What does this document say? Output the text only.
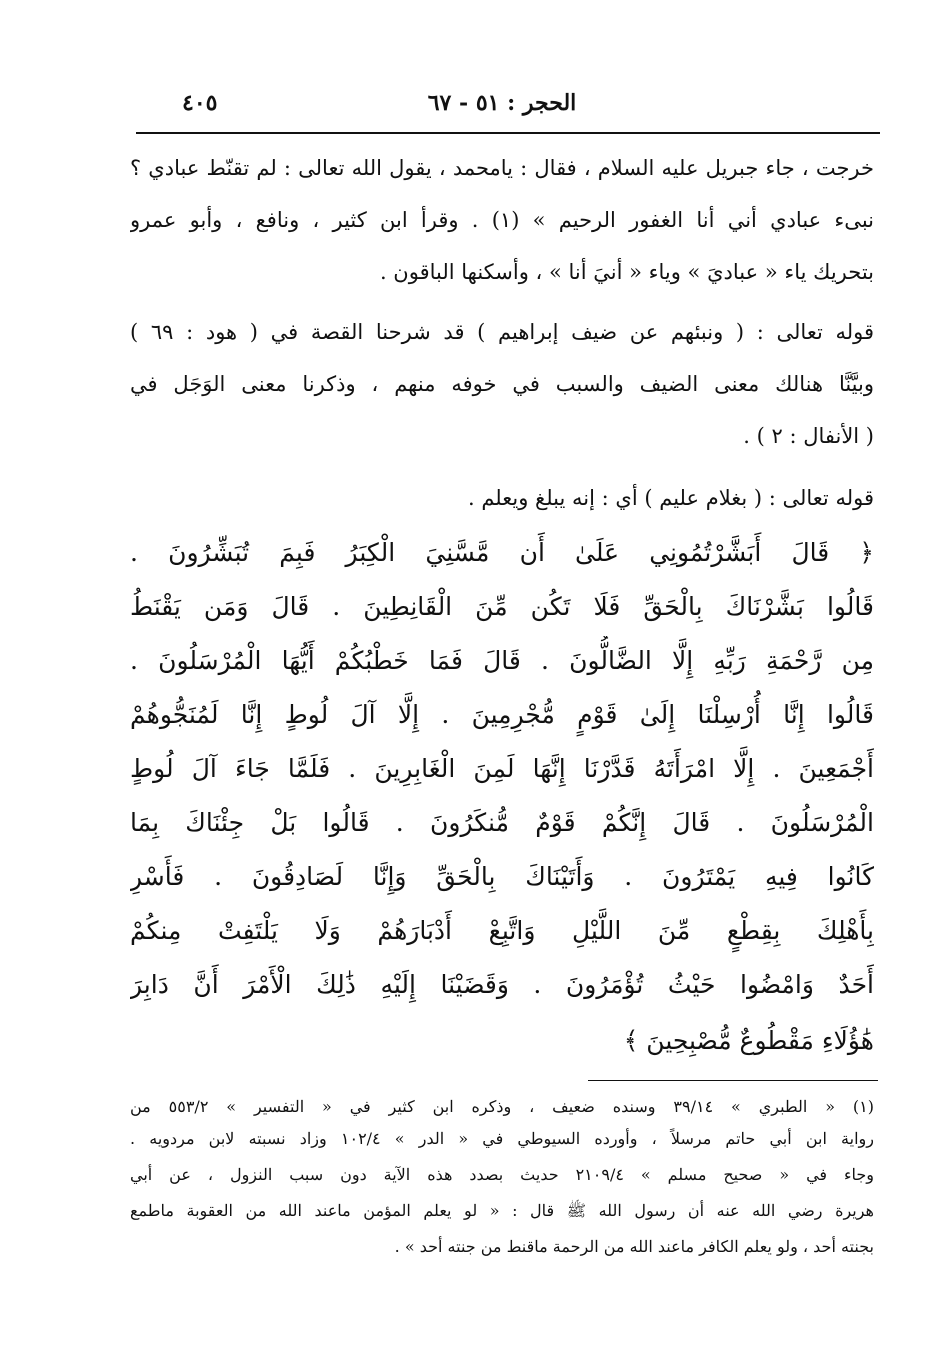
٤٠٥	الحجر : ٥١ - ٦٧
خرجت ، جاء جبريل عليه السلام ، فقال : يامحمد ، يقول الله تعالى : لم تقنّط عبادي ؟
نبىء عبادي أني أنا الغفور الرحيم » (١) . وقرأ ابن كثير ، ونافع ، وأبو عمرو
بتحريك ياء « عباديَ » وياء « أنيَ أنا » ، وأسكنها الباقون .
قوله تعالى : ( ونبئهم عن ضيف إبراهيم ) قد شرحنا القصة في ( هود : ٦٩ )
وبيَّنَّا هنالك معنى الضيف والسبب في خوفه منهم ، وذكرنا معنى الوَجَل في
( الأنفال : ٢ ) .
قوله تعالى : ( بغلام عليم ) أي : إنه يبلغ ويعلم .
﴿ قَالَ أَبَشَّرْتُمُونِي عَلَىٰ أَن مَّسَّنِيَ الْكِبَرُ فَبِمَ تُبَشِّرُونَ .
قَالُوا بَشَّرْنَاكَ بِالْحَقِّ فَلَا تَكُن مِّنَ الْقَانِطِينَ . قَالَ وَمَن يَقْنَطُ
مِن رَّحْمَةِ رَبِّهِ إِلَّا الضَّالُّونَ . قَالَ فَمَا خَطْبُكُمْ أَيُّهَا الْمُرْسَلُونَ .
قَالُوا إِنَّا أُرْسِلْنَا إِلَىٰ قَوْمٍ مُّجْرِمِينَ . إِلَّا آلَ لُوطٍ إِنَّا لَمُنَجُّوهُمْ
أَجْمَعِينَ . إِلَّا امْرَأَتَهُ قَدَّرْنَا إِنَّهَا لَمِنَ الْغَابِرِينَ . فَلَمَّا جَاءَ آلَ لُوطٍ
الْمُرْسَلُونَ . قَالَ إِنَّكُمْ قَوْمٌ مُّنكَرُونَ . قَالُوا بَلْ جِئْنَاكَ بِمَا
كَانُوا فِيهِ يَمْتَرُونَ . وَأَتَيْنَاكَ بِالْحَقِّ وَإِنَّا لَصَادِقُونَ . فَأَسْرِ
بِأَهْلِكَ بِقِطْعٍ مِّنَ اللَّيْلِ وَاتَّبِعْ أَدْبَارَهُمْ وَلَا يَلْتَفِتْ مِنكُمْ
أَحَدٌ وَامْضُوا حَيْثُ تُؤْمَرُونَ . وَقَضَيْنَا إِلَيْهِ ذَٰلِكَ الْأَمْرَ أَنَّ دَابِرَ
هَٰؤُلَاءِ مَقْطُوعٌ مُّصْبِحِينَ ﴾
(١) « الطبري » ٣٩/١٤ وسنده ضعيف ، وذكره ابن كثير في « التفسير » ٥٥٣/٢ من
رواية ابن أبي حاتم مرسلاً ، وأورده السيوطي في « الدر » ١٠٢/٤ وزاد نسبته لابن مردويه .
وجاء في « صحيح مسلم » ٢١٠٩/٤ حديث بصدد هذه الآية دون سبب النزول ، عن أبي
هريرة رضي الله عنه أن رسول الله ﷺ قال : « لو يعلم المؤمن ماعند الله من العقوبة ماطمع
بجنته أحد ، ولو يعلم الكافر ماعند الله من الرحمة ماقنط من جنته أحد » .
